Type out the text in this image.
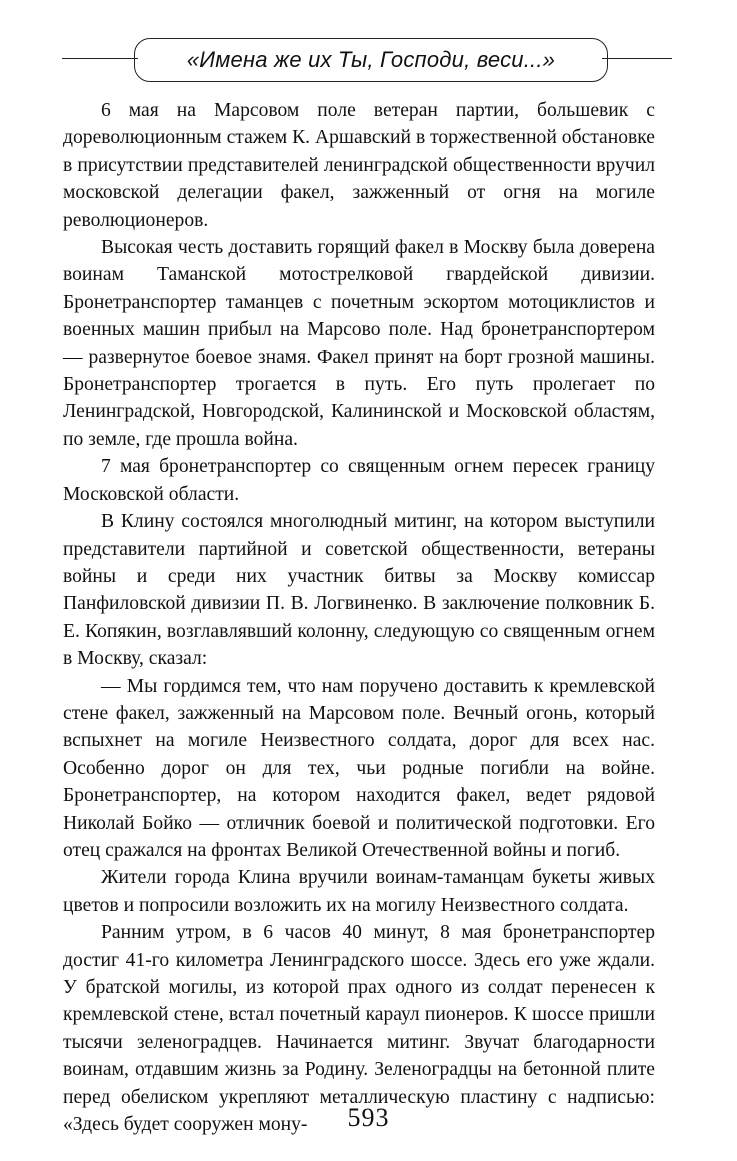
«Имена же их Ты, Господи, веси...»

6 мая на Марсовом поле ветеран партии, большевик с дореволюционным стажем К. Аршавский в торжественной обстановке в присутствии представителей ленинградской общественности вручил московской делегации факел, зажженный от огня на могиле революционеров.

Высокая честь доставить горящий факел в Москву была доверена воинам Таманской мотострелковой гвардейской дивизии. Бронетранспортер таманцев с почетным эскортом мотоциклистов и военных машин прибыл на Марсово поле. Над бронетранспортером — развернутое боевое знамя. Факел принят на борт грозной машины. Бронетранспортер трогается в путь. Его путь пролегает по Ленинградской, Новгородской, Калининской и Московской областям, по земле, где прошла война.

7 мая бронетранспортер со священным огнем пересек границу Московской области.

В Клину состоялся многолюдный митинг, на котором выступили представители партийной и советской общественности, ветераны войны и среди них участник битвы за Москву комиссар Панфиловской дивизии П. В. Логвиненко. В заключение полковник Б. Е. Копякин, возглавлявший колонну, следующую со священным огнем в Москву, сказал:

— Мы гордимся тем, что нам поручено доставить к кремлевской стене факел, зажженный на Марсовом поле. Вечный огонь, который вспыхнет на могиле Неизвестного солдата, дорог для всех нас. Особенно дорог он для тех, чьи родные погибли на войне. Бронетранспортер, на котором находится факел, ведет рядовой Николай Бойко — отличник боевой и политической подготовки. Его отец сражался на фронтах Великой Отечественной войны и погиб.

Жители города Клина вручили воинам-таманцам букеты живых цветов и попросили возложить их на могилу Неизвестного солдата.

Ранним утром, в 6 часов 40 минут, 8 мая бронетранспортер достиг 41-го километра Ленинградского шоссе. Здесь его уже ждали. У братской могилы, из которой прах одного из солдат перенесен к кремлевской стене, встал почетный караул пионеров. К шоссе пришли тысячи зеленоградцев. Начинается митинг. Звучат благодарности воинам, отдавшим жизнь за Родину. Зеленоградцы на бетонной плите перед обелиском укрепляют металлическую пластину с надписью: «Здесь будет сооружен мону-	593
